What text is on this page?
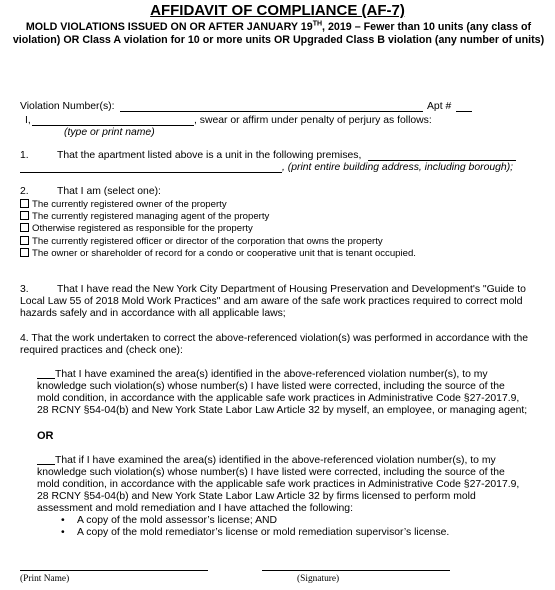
AFFIDAVIT OF COMPLIANCE (AF-7)
MOLD VIOLATIONS ISSUED ON OR AFTER JANUARY 19TH, 2019 – Fewer than 10 units (any class of violation) OR Class A violation for 10 or more units OR Upgraded Class B violation (any number of units)
Violation Number(s):	Apt #
I,	, swear or affirm under penalty of perjury as follows:
(type or print name)
1.	That the apartment listed above is a unit in the following premises,
, (print entire building address, including borough);
2.	That I am (select one):
The currently registered owner of the property
The currently registered managing agent of the property
Otherwise registered as responsible for the property
The currently registered officer or director of the corporation that owns the property
The owner or shareholder of record for a condo or cooperative unit that is tenant occupied.
3.	That I have read the New York City Department of Housing Preservation and Development's "Guide to
Local Law 55 of 2018 Mold Work Practices" and am aware of the safe work practices required to correct mold
hazards safely and in accordance with all applicable laws;
4. That the work undertaken to correct the above-referenced violation(s) was performed in accordance with the
required practices and (check one):
That I have examined the area(s) identified in the above-referenced violation number(s), to my
knowledge such violation(s) whose number(s) I have listed were corrected, including the source of the
mold condition, in accordance with the applicable safe work practices in Administrative Code §27-2017.9,
28 RCNY §54-04(b) and New York State Labor Law Article 32 by myself, an employee, or managing agent;
OR
That if I have examined the area(s) identified in the above-referenced violation number(s), to my
knowledge such violation(s) whose number(s) I have listed were corrected, including the source of the
mold condition, in accordance with the applicable safe work practices in Administrative Code §27-2017.9,
28 RCNY §54-04(b) and New York State Labor Law Article 32 by firms licensed to perform mold
assessment and mold remediation and I have attached the following:
• A copy of the mold assessor’s license; AND
• A copy of the mold remediator’s license or mold remediation supervisor’s license.
(Print Name)	(Signature)
